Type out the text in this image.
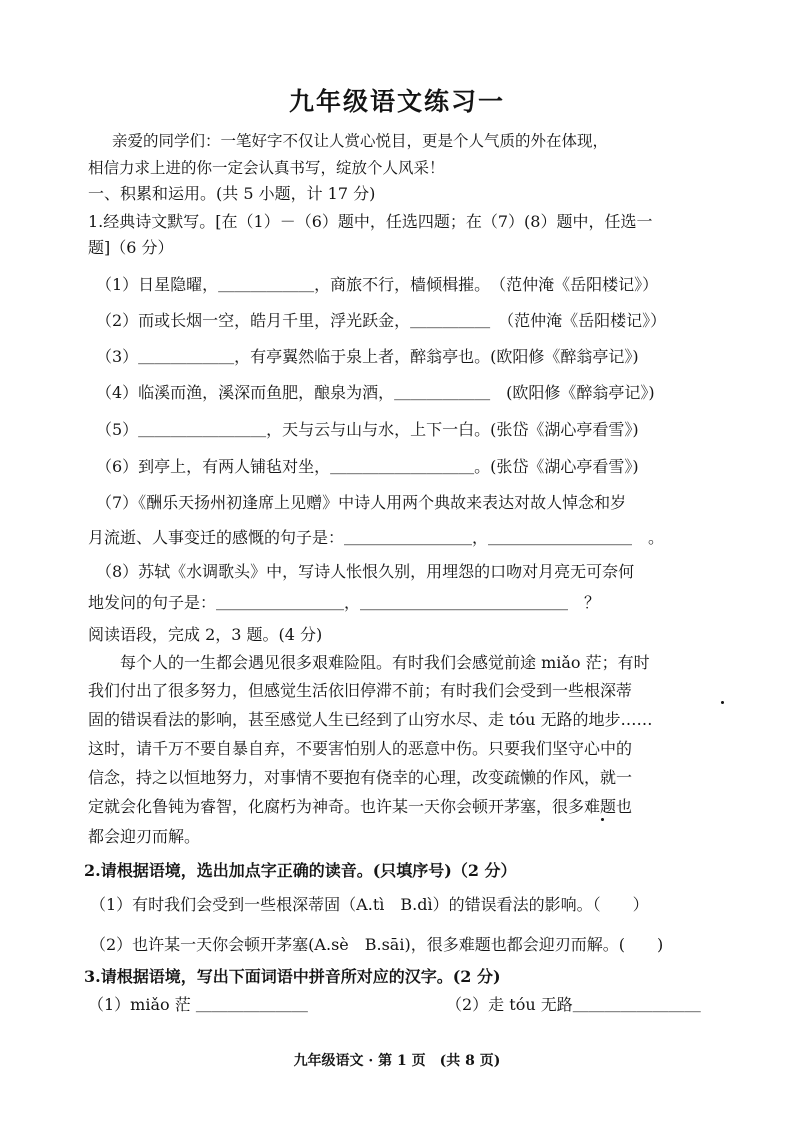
九年级语文练习一
亲爱的同学们：一笔好字不仅让人赏心悦目，更是个人气质的外在体现，
相信力求上进的你一定会认真书写，绽放个人风采！
一、积累和运用。(共 5 小题，计 17 分)
1.经典诗文默写。[在（1）－（6）题中，任选四题；在（7）(8）题中，任选一
题]（6 分）
（1）日星隐曜，＿＿＿＿＿＿，商旅不行，樯倾楫摧。　（范仲淹《岳阳楼记》）
（2）而或长烟一空，皓月千里，浮光跃金，＿＿＿＿＿　（范仲淹《岳阳楼记》）
（3）＿＿＿＿＿＿，有亭翼然临于泉上者，醉翁亭也。(欧阳修《醉翁亭记》)
（4）临溪而渔，溪深而鱼肥，酿泉为酒，＿＿＿＿＿＿　(欧阳修《醉翁亭记》)
（5）＿＿＿＿＿＿＿＿，天与云与山与水，上下一白。(张岱《湖心亭看雪》)
（6）到亭上，有两人铺毡对坐，＿＿＿＿＿＿＿＿＿。(张岱《湖心亭看雪》)
（7）《酬乐天扬州初逢席上见赠》中诗人用两个典故来表达对故人悼念和岁
月流逝、人事变迁的感慨的句子是：＿＿＿＿＿＿＿＿，＿＿＿＿＿＿＿＿＿　。
（8）苏轼《水调歌头》中，写诗人怅恨久别，用埋怨的口吻对月亮无可奈何
地发问的句子是：＿＿＿＿＿＿＿＿，＿＿＿＿＿＿＿＿＿＿＿＿＿　？
阅读语段，完成 2，3 题。(4 分)
　　每个人的一生都会遇见很多艰难险阻。有时我们会感觉前途 miǎo 茫；有时
我们付出了很多努力，但感觉生活依旧停滞不前；有时我们会受到一些根深蒂
固的错误看法的影响，甚至感觉人生已经到了山穷水尽、走 tóu 无路的地步……
这时，请千万不要自暴自弃，不要害怕别人的恶意中伤。只要我们坚守心中的
信念，持之以恒地努力，对事情不要抱有侥幸的心理，改变疏懒的作风，就一
定就会化鲁钝为睿智，化腐朽为神奇。也许某一天你会顿开茅塞，很多难题也
都会迎刃而解。
2.请根据语境，选出加点字正确的读音。(只填序号)（2 分）
（1）有时我们会受到一些根深蒂固（A.tì　B.dì）的错误看法的影响。（　　）
（2）也许某一天你会顿开茅塞(A.sè　B.sāi)，很多难题也都会迎刃而解。(　　)
3.请根据语境，写出下面词语中拼音所对应的汉字。(2 分)
（1）miǎo 茫 ＿＿＿＿＿＿＿	（2）走 tóu 无路＿＿＿＿＿＿＿＿
九年级语文 · 第 1 页　(共 8 页)
